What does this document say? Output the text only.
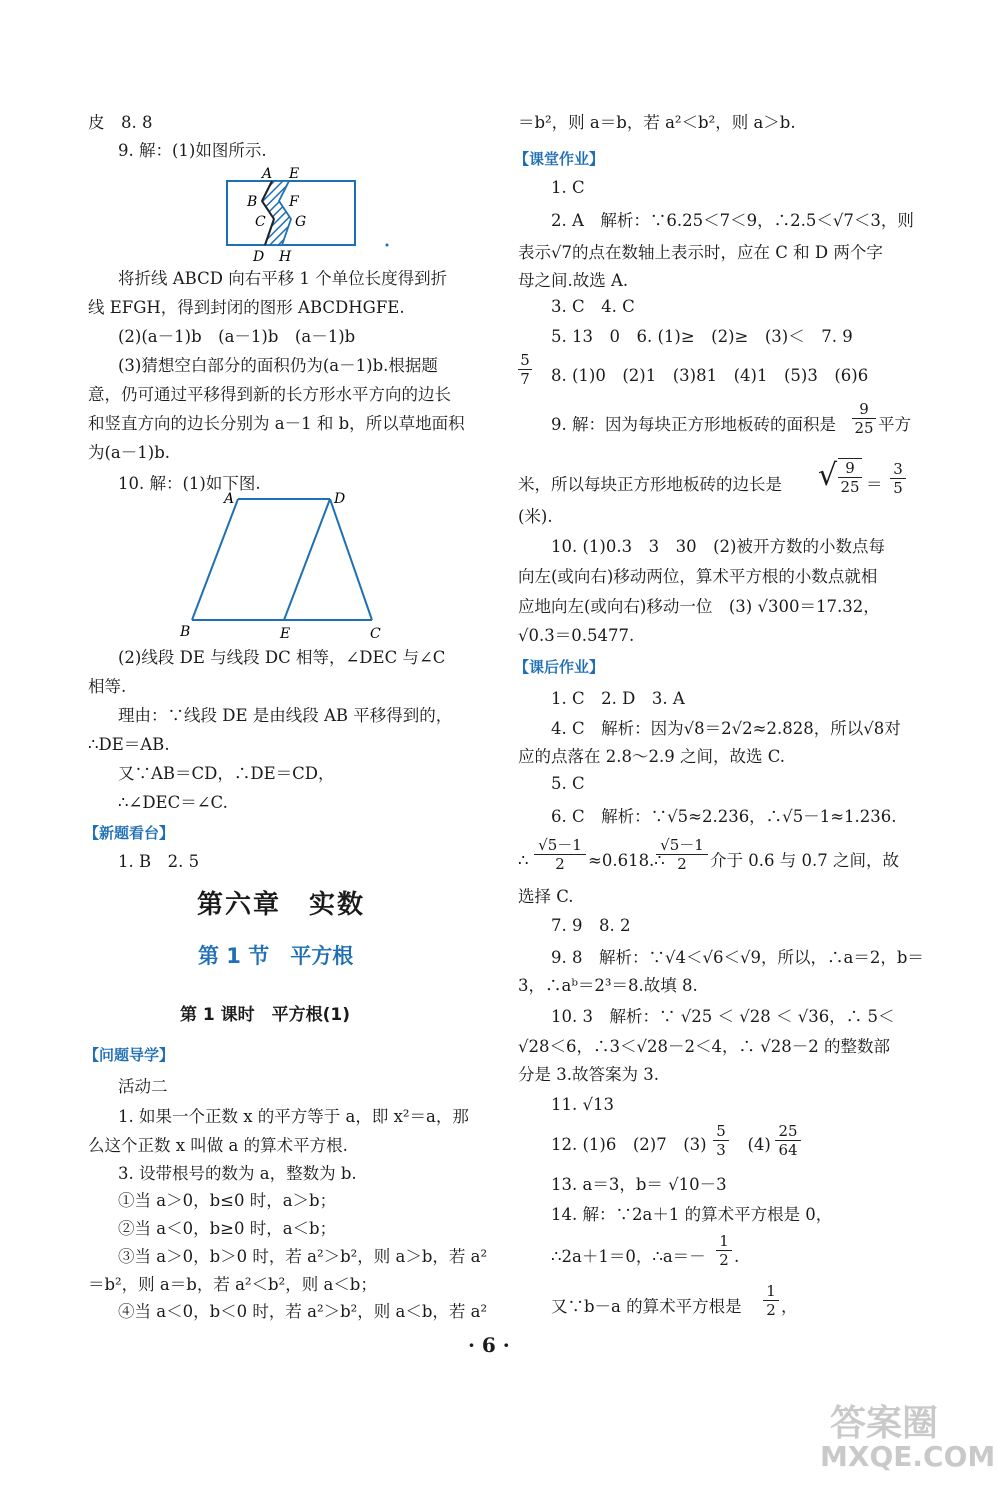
皮　8. 8
9. 解：(1)如图所示.
A E
B F
C G
D H
将折线 ABCD 向右平移 1 个单位长度得到折
线 EFGH，得到封闭的图形 ABCDHGFE.
(2)(a－1)b　(a－1)b　(a－1)b
(3)猜想空白部分的面积仍为(a－1)b.根据题
意，仍可通过平移得到新的长方形水平方向的边长
和竖直方向的边长分别为 a－1 和 b，所以草地面积
为(a－1)b.
10. 解：(1)如下图.
A	D
B	E	C
(2)线段 DE 与线段 DC 相等，∠DEC 与∠C
相等.
理由：∵线段 DE 是由线段 AB 平移得到的，
∴DE＝AB.
又∵AB＝CD，∴DE＝CD，
∴∠DEC＝∠C.
【新题看台】
1. B　2. 5
第六章　实数
第 1 节　平方根
第 1 课时　平方根(1)
【问题导学】
活动二
1. 如果一个正数 x 的平方等于 a，即 x²＝a，那
么这个正数 x 叫做 a 的算术平方根.
3. 设带根号的数为 a，整数为 b.
①当 a＞0，b≤0 时，a＞b；
②当 a＜0，b≥0 时，a＜b；
③当 a＞0，b＞0 时，若 a²＞b²，则 a＞b，若 a²
＝b²，则 a＝b，若 a²＜b²，则 a＜b；
④当 a＜0，b＜0 时，若 a²＞b²，则 a＜b，若 a²
＝b²，则 a＝b，若 a²＜b²，则 a＞b.
【课堂作业】
1. C
2. A　解析：∵6.25＜7＜9，∴2.5＜√7＜3，则
表示√7的点在数轴上表示时，应在 C 和 D 两个字
母之间.故选 A.
3. C　4. C
5. 13　0　6. (1)≥　(2)≥　(3)＜　7. 9
$\frac{5}{7} 8$. (1)0　(2)1　(3)81　(4)1　(5)3　(6)6
9. 解：因为每块正方形地板砖的面积是 $\frac{9}{25}$ 平方
米，所以每块正方形地板砖的边长是 √ $\frac{9}{25} = \frac{3}{5}$
(米).
10. (1)0.3　3　30　(2)被开方数的小数点每
向左(或向右)移动两位，算术平方根的小数点就相
应地向左(或向右)移动一位　(3) √300＝17.32，
√0.3＝0.5477.
【课后作业】
1. C　2. D　3. A
4. C　解析：因为√8＝2√2≈2.828，所以√8对
应的点落在 2.8～2.9 之间，故选 C.
5. C
6. C　解析：∵√5≈2.236，∴√5－1≈1.236.
∴ $\frac{√5-1}{2}$ ≈0.618.∴
$\frac{√5-1}{2}$ 介于 0.6 与 0.7 之间，故
选择 C.
7. 9　8. 2
9. 8　解析：∵√4＜√6＜√9，所以，∴a＝2，b＝
3，∴aᵇ＝2³＝8.故填 8.
10. 3　解析：∵ √25 ＜ √28 ＜ √36，∴ 5＜
√28＜6，∴3＜√28－2＜4，∴ √28－2 的整数部
分是 3.故答案为 3.
11. √13
12. (1)6　(2)7　$(3) \frac{5}{3}$ 　$(4) \frac{25}{64}$
13. a＝3，b＝ √10－3
14. 解：∵2a＋1 的算术平方根是 0，
∴2a＋1＝0，∴a＝－ $\frac{1}{2}$ .
又∵b－a 的算术平方根是 $\frac{1}{2}$ ，
· 6 ·
答案圈
MXQE.COM
